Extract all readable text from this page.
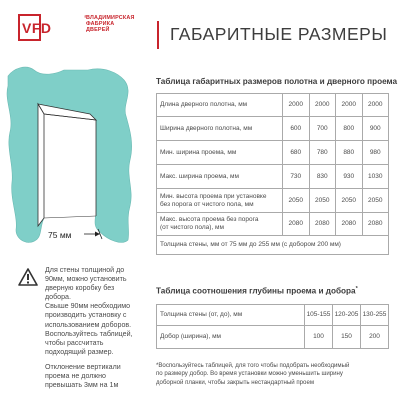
VFD
® ВЛАДИМИРСКАЯ
ФАБРИКА
ДВЕРЕЙ	ГАБАРИТНЫЕ РАЗМЕРЫ
75 мм
Для стены толщиной до
90мм, можно установить
дверную коробку без
добора.
Свыше 90мм необходимо
производить установку с
использованием доборов.
Воспользуйтесь таблицей,
чтобы рассчитать
подходящий размер.
Отклонение вертикали
проема не должно
превышать 3мм на 1м
Таблица габаритных размеров полотна и дверного проема
Длина дверного полотна, мм	2000	2000	2000	2000
Ширина дверного полотна, мм	600	700	800	900
Мин. ширина проема, мм	680	780	880	980
Макс. ширина проема, мм	730	830	930	1030

Мин. высота проема при установке
без порога от чистого пола, мм	2050	2050	2050	2050

Макс. высота проема без порога
(от чистого пола), мм	2080	2080	2080	2080
Толщина стены, мм от 75 мм до 255 мм (с добором 200 мм)				
Таблица соотношения глубины проема и добора*
Толщина стены (от, до), мм	105-155	120-205	130-255
Добор (ширина), мм	100	150	200
*Воспользуйтесь таблицей, для того чтобы подобрать необходимый
по размеру добор. Во время установки можно уменьшить ширину
доборной планки, чтобы закрыть нестандартный проем
